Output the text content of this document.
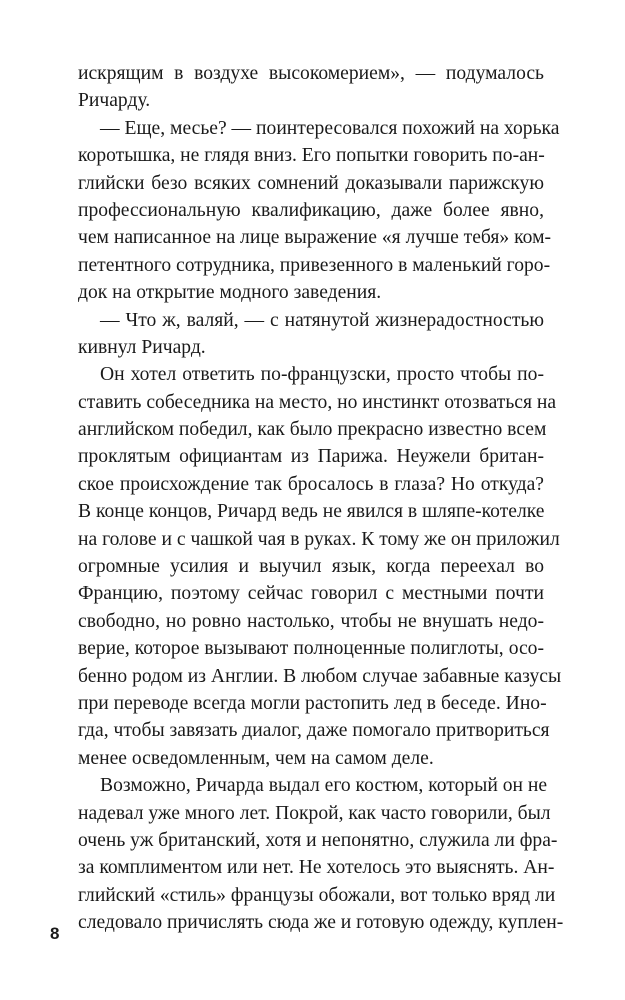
искрящим в воздухе высокомерием», — подумалось
Ричарду.
— Еще, месье? — поинтересовался похожий на хорька
коротышка, не глядя вниз. Его попытки говорить по-ан-
глийски безо всяких сомнений доказывали парижскую
профессиональную квалификацию, даже более явно,
чем написанное на лице выражение «я лучше тебя» ком-
петентного сотрудника, привезенного в маленький горо-
док на открытие модного заведения.
— Что ж, валяй, — с натянутой жизнерадостностью
кивнул Ричард.
Он хотел ответить по-французски, просто чтобы по-
ставить собеседника на место, но инстинкт отозваться на
английском победил, как было прекрасно известно всем
проклятым официантам из Парижа. Неужели британ-
ское происхождение так бросалось в глаза? Но откуда?
В конце концов, Ричард ведь не явился в шляпе-котелке
на голове и с чашкой чая в руках. К тому же он приложил
огромные усилия и выучил язык, когда переехал во
Францию, поэтому сейчас говорил с местными почти
свободно, но ровно настолько, чтобы не внушать недо-
верие, которое вызывают полноценные полиглоты, осо-
бенно родом из Англии. В любом случае забавные казусы
при переводе всегда могли растопить лед в беседе. Ино-
гда, чтобы завязать диалог, даже помогало притвориться
менее осведомленным, чем на самом деле.
Возможно, Ричарда выдал его костюм, который он не
надевал уже много лет. Покрой, как часто говорили, был
очень уж британский, хотя и непонятно, служила ли фра-
за комплиментом или нет. Не хотелось это выяснять. Ан-
глийский «стиль» французы обожали, вот только вряд ли
следовало причислять сюда же и готовую одежду, куплен-
8
